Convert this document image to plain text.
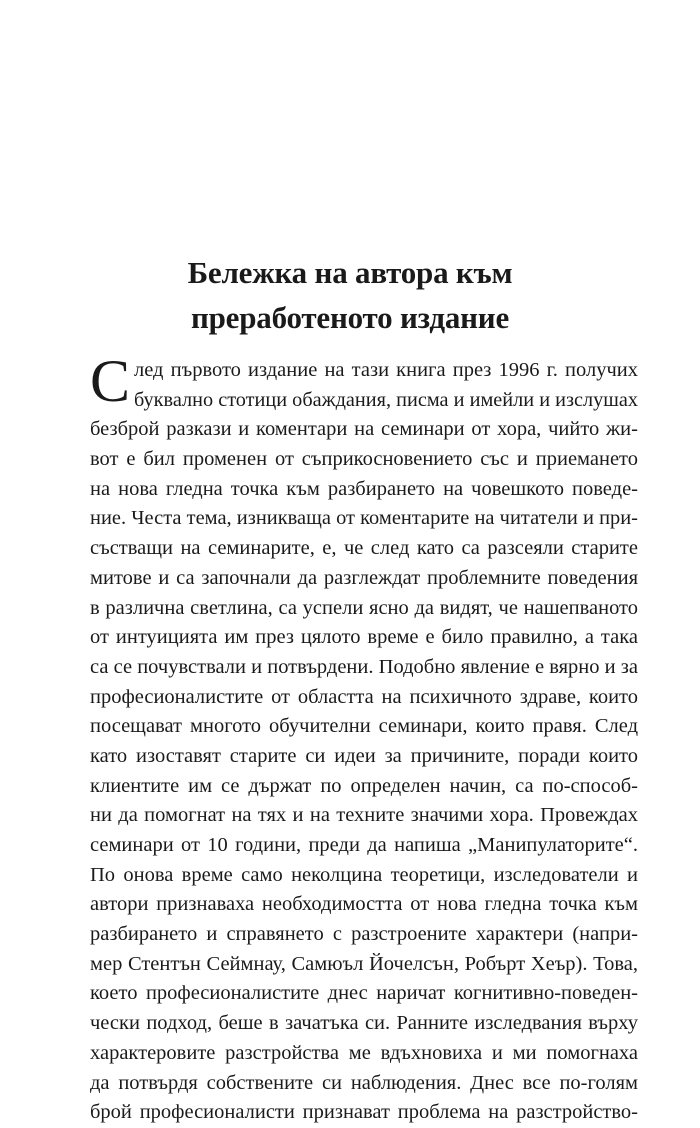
Бележка на автора към
преработеното издание
С лед първото издание на тази книга през 1996 г. получих
буквално стотици обаждания, писма и имейли и изслушах
безброй разкази и коментари на семинари от хора, чийто жи-
вот е бил променен от съприкосновението със и приемането
на нова гледна точка към разбирането на човешкото поведе-
ние. Честа тема, изникваща от коментарите на читатели и при-
състващи на семинарите, е, че след като са разсеяли старите
митове и са започнали да разглеждат проблемните поведения
в различна светлина, са успели ясно да видят, че нашепваното
от интуицията им през цялото време е било правилно, а така
са се почувствали и потвърдени. Подобно явление е вярно и за
професионалистите от областта на психичното здраве, които
посещават многото обучителни семинари, които правя. След
като изоставят старите си идеи за причините, поради които
клиентите им се държат по определен начин, са по-способ-
ни да помогнат на тях и на техните значими хора. Провеждах
семинари от 10 години, преди да напиша „Манипулаторите“.
По онова време само неколцина теоретици, изследователи и
автори признаваха необходимостта от нова гледна точка към
разбирането и справянето с разстроените характери (напри-
мер Стентън Сеймнау, Самюъл Йочелсън, Робърт Хеър). Това,
което професионалистите днес наричат когнитивно-поведен-
чески подход, беше в зачатъка си. Ранните изследвания върху
характеровите разстройства ме вдъхновиха и ми помогнаха
да потвърдя собствените си наблюдения. Днес все по-голям
брой професионалисти признават проблема на разстройство-
